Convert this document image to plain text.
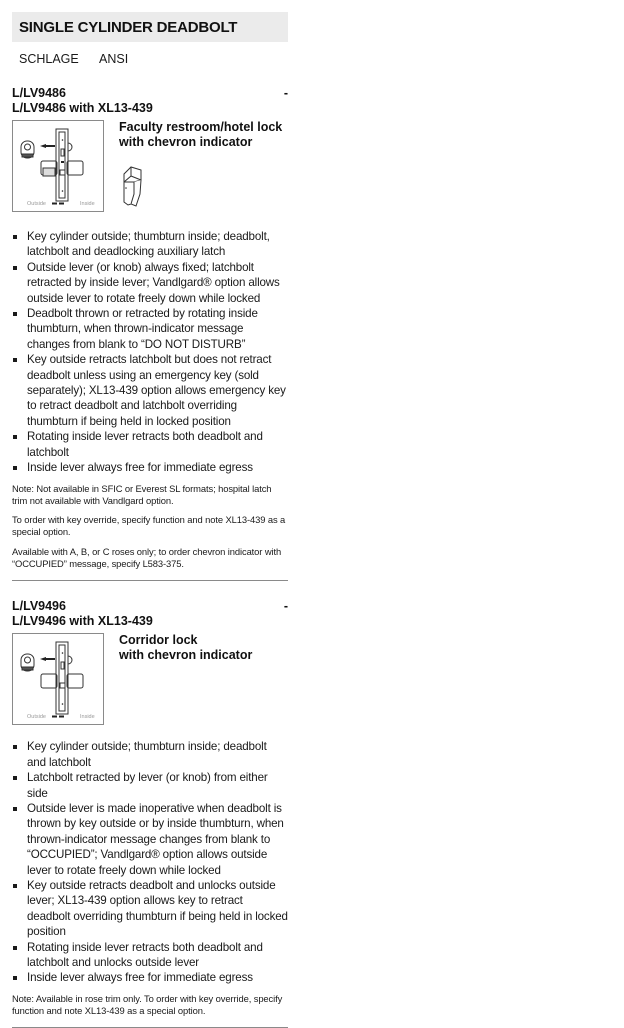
SINGLE CYLINDER DEADBOLT
SCHLAGE	ANSI
L/LV9486
L/LV9486 with XL13-439
-
Outside	Inside
Faculty restroom/hotel lock
with chevron indicator
Key cylinder outside; thumbturn inside; deadbolt, latchbolt and deadlocking auxiliary latch
Outside lever (or knob) always fixed; latchbolt retracted by inside lever; Vandlgard® option allows outside lever to rotate freely down while locked
Deadbolt thrown or retracted by rotating inside thumbturn, when thrown-indicator message changes from blank to “DO NOT DISTURB”
Key outside retracts latchbolt but does not retract deadbolt unless using an emergency key (sold separately); XL13-439 option allows emergency key to retract deadbolt and latchbolt overriding thumbturn if being held in locked position
Rotating inside lever retracts both deadbolt and latchbolt
Inside lever always free for immediate egress
Note: Not available in SFIC or Everest SL formats; hospital latch trim not available with Vandlgard option.
To order with key override, specify function and note XL13-439 as a special option.
Available with A, B, or C roses only; to order chevron indicator with “OCCUPIED” message, specify L583-375.
L/LV9496
L/LV9496 with XL13-439
-
Outside	Inside
Corridor lock
with chevron indicator
Key cylinder outside; thumbturn inside; deadbolt and latchbolt
Latchbolt retracted by lever (or knob) from either side
Outside lever is made inoperative when deadbolt is thrown by key outside or by inside thumbturn, when thrown-indicator message changes from blank to “OCCUPIED”; Vandlgard® option allows outside lever to rotate freely down while locked
Key outside retracts deadbolt and unlocks outside lever; XL13-439 option allows key to retract deadbolt overriding thumbturn if being held in locked position
Rotating inside lever retracts both deadbolt and latchbolt and unlocks outside lever
Inside lever always free for immediate egress
Note: Available in rose trim only. To order with key override, specify function and note XL13-439 as a special option.
